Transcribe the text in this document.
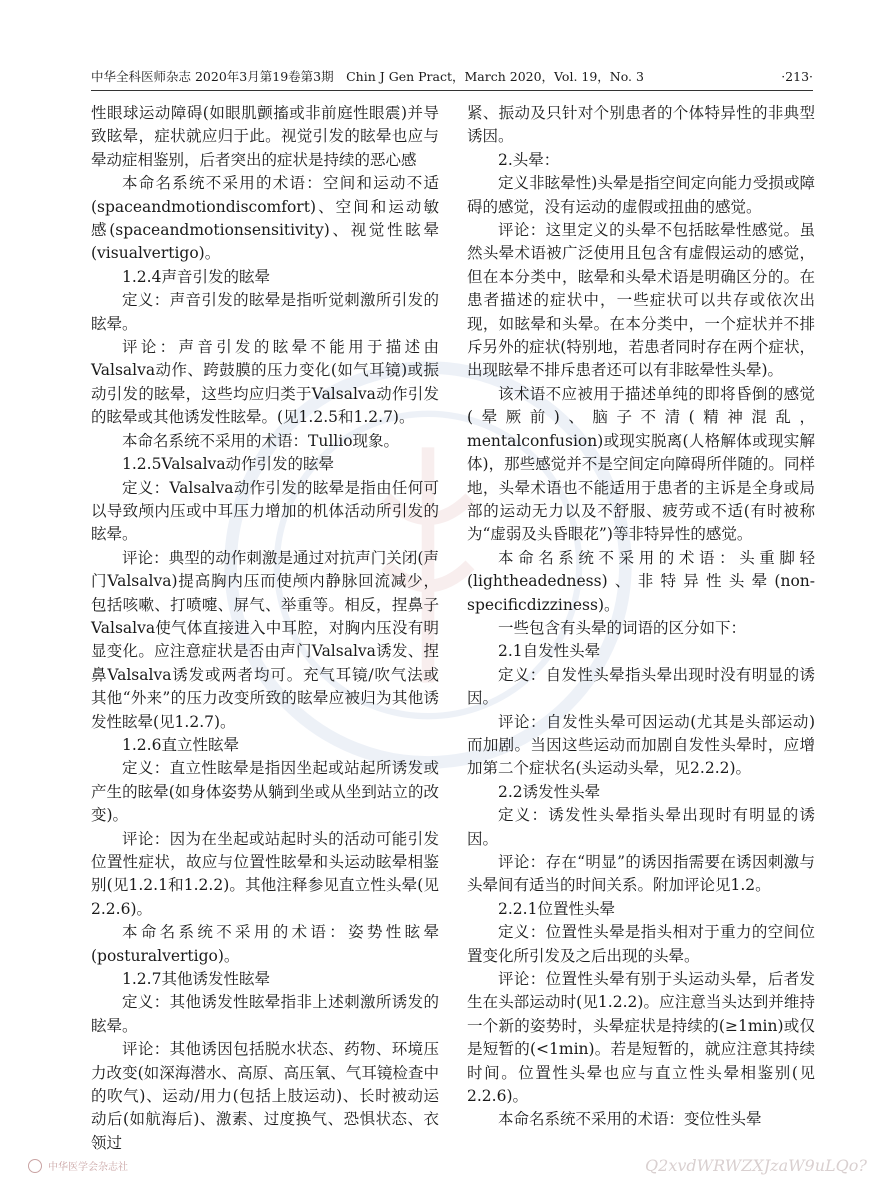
中华全科医师杂志 2020年3月第19卷第3期　Chin J Gen Pract，March 2020，Vol. 19，No. 3	·213·

性眼球运动障碍(如眼肌颤搐或非前庭性眼震)并导致眩晕，症状就应归于此。视觉引发的眩晕也应与晕动症相鉴别，后者突出的症状是持续的恶心感

本命名系统不采用的术语：空间和运动不适(spaceandmotiondiscomfort)、空间和运动敏感(spaceandmotionsensitivity)、视觉性眩晕(visualvertigo)。

1.2.4声音引发的眩晕

定义：声音引发的眩晕是指听觉刺激所引发的眩晕。

评论：声音引发的眩晕不能用于描述由Valsalva动作、跨鼓膜的压力变化(如气耳镜)或振动引发的眩晕，这些均应归类于Valsalva动作引发的眩晕或其他诱发性眩晕。(见1.2.5和1.2.7)。

本命名系统不采用的术语：Tullio现象。

1.2.5Valsalva动作引发的眩晕

定义：Valsalva动作引发的眩晕是指由任何可以导致颅内压或中耳压力增加的机体活动所引发的眩晕。

评论：典型的动作刺激是通过对抗声门关闭(声门Valsalva)提高胸内压而使颅内静脉回流减少，包括咳嗽、打喷嚏、屏气、举重等。相反，捏鼻子Valsalva使气体直接进入中耳腔，对胸内压没有明显变化。应注意症状是否由声门Valsalva诱发、捏鼻Valsalva诱发或两者均可。充气耳镜/吹气法或其他“外来”的压力改变所致的眩晕应被归为其他诱发性眩晕(见1.2.7)。

1.2.6直立性眩晕

定义：直立性眩晕是指因坐起或站起所诱发或产生的眩晕(如身体姿势从躺到坐或从坐到站立的改变)。

评论：因为在坐起或站起时头的活动可能引发位置性症状，故应与位置性眩晕和头运动眩晕相鉴别(见1.2.1和1.2.2)。其他注释参见直立性头晕(见2.2.6)。

本命名系统不采用的术语：姿势性眩晕(posturalvertigo)。

1.2.7其他诱发性眩晕

定义：其他诱发性眩晕指非上述刺激所诱发的眩晕。

评论：其他诱因包括脱水状态、药物、环境压力改变(如深海潜水、高原、高压氧、气耳镜检查中的吹气)、运动/用力(包括上肢运动)、长时被动运动后(如航海后)、激素、过度换气、恐惧状态、衣领过

紧、振动及只针对个别患者的个体特异性的非典型诱因。

2.头晕：

定义非眩晕性)头晕是指空间定向能力受损或障碍的感觉，没有运动的虚假或扭曲的感觉。

评论：这里定义的头晕不包括眩晕性感觉。虽然头晕术语被广泛使用且包含有虚假运动的感觉，但在本分类中，眩晕和头晕术语是明确区分的。在患者描述的症状中，一些症状可以共存或依次出现，如眩晕和头晕。在本分类中，一个症状并不排斥另外的症状(特别地，若患者同时存在两个症状，出现眩晕不排斥患者还可以有非眩晕性头晕)。

该术语不应被用于描述单纯的即将昏倒的感觉(晕厥前)、脑子不清(精神混乱，mentalconfusion)或现实脱离(人格解体或现实解体)，那些感觉并不是空间定向障碍所伴随的。同样地，头晕术语也不能适用于患者的主诉是全身或局部的运动无力以及不舒服、疲劳或不适(有时被称为“虚弱及头昏眼花”)等非特异性的感觉。

本命名系统不采用的术语：头重脚轻(lightheadedness)、非特异性头晕(non-specificdizziness)。

一些包含有头晕的词语的区分如下：

2.1自发性头晕

定义：自发性头晕指头晕出现时没有明显的诱因。

评论：自发性头晕可因运动(尤其是头部运动)而加剧。当因这些运动而加剧自发性头晕时，应增加第二个症状名(头运动头晕，见2.2.2)。

2.2诱发性头晕

定义：诱发性头晕指头晕出现时有明显的诱因。

评论：存在“明显”的诱因指需要在诱因刺激与头晕间有适当的时间关系。附加评论见1.2。

2.2.1位置性头晕

定义：位置性头晕是指头相对于重力的空间位置变化所引发及之后出现的头晕。

评论：位置性头晕有别于头运动头晕，后者发生在头部运动时(见1.2.2)。应注意当头达到并维持一个新的姿势时，头晕症状是持续的(≥1min)或仅是短暂的(<1min)。若是短暂的，就应注意其持续时间。位置性头晕也应与直立性头晕相鉴别(见2.2.6)。

本命名系统不采用的术语：变位性头晕

中华医学会杂志社	Q2xvdWRWZXJzaW9uLQo?
